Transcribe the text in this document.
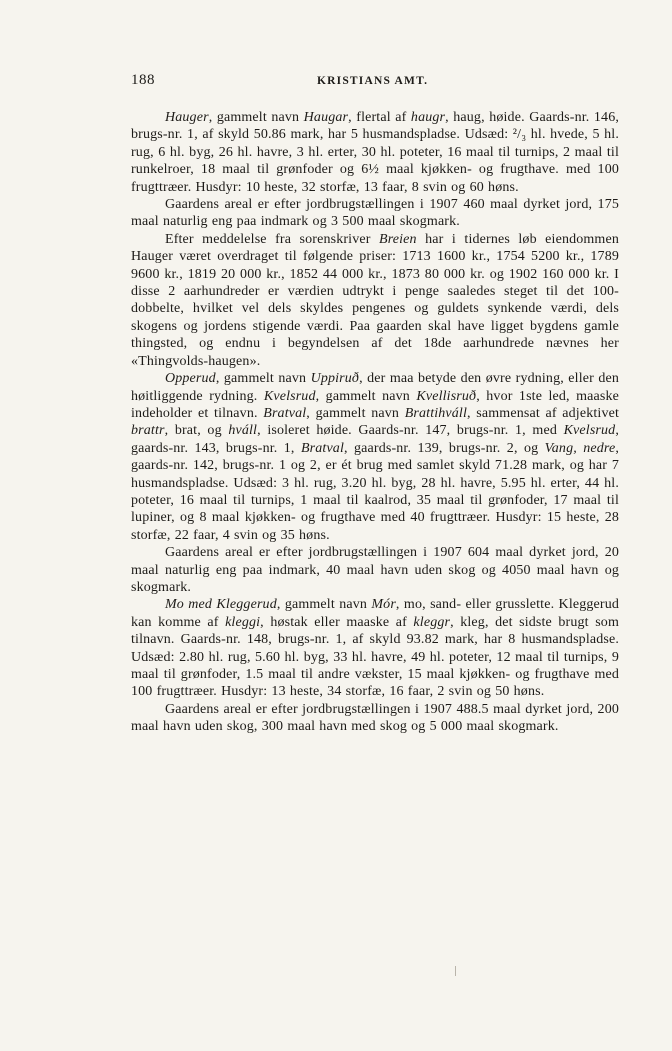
188	KRISTIANS AMT.

Hauger, gammelt navn Haugar, flertal af haugr, haug, høide. Gaards-nr. 146, brugs-nr. 1, af skyld 50.86 mark, har 5 husmandspladse. Udsæd: ²/₃ hl. hvede, 5 hl. rug, 6 hl. byg, 26 hl. havre, 3 hl. erter, 30 hl. poteter, 16 maal til turnips, 2 maal til runkelroer, 18 maal til grønfoder og 6½ maal kjøkken- og frugthave. med 100 frugttræer. Husdyr: 10 heste, 32 storfæ, 13 faar, 8 svin og 60 høns.

Gaardens areal er efter jordbrugstællingen i 1907 460 maal dyrket jord, 175 maal naturlig eng paa indmark og 3 500 maal skogmark.

Efter meddelelse fra sorenskriver Breien har i tidernes løb eiendommen Hauger været overdraget til følgende priser: 1713 1600 kr., 1754 5200 kr., 1789 9600 kr., 1819 20 000 kr., 1852 44 000 kr., 1873 80 000 kr. og 1902 160 000 kr. I disse 2 aarhundreder er værdien udtrykt i penge saaledes steget til det 100-dobbelte, hvilket vel dels skyldes pengenes og guldets synkende værdi, dels skogens og jordens stigende værdi. Paa gaarden skal have ligget bygdens gamle thingsted, og endnu i begyndelsen af det 18de aarhundrede nævnes her «Thingvolds-haugen».

Opperud, gammelt navn Uppiruð, der maa betyde den øvre rydning, eller den høitliggende rydning. Kvelsrud, gammelt navn Kvellisruð, hvor 1ste led, maaske indeholder et tilnavn. Bratval, gammelt navn Brattihváll, sammensat af adjektivet brattr, brat, og hváll, isoleret høide. Gaards-nr. 147, brugs-nr. 1, med Kvelsrud, gaards-nr. 143, brugs-nr. 1, Bratval, gaards-nr. 139, brugs-nr. 2, og Vang, nedre, gaards-nr. 142, brugs-nr. 1 og 2, er ét brug med samlet skyld 71.28 mark, og har 7 husmandspladse. Udsæd: 3 hl. rug, 3.20 hl. byg, 28 hl. havre, 5.95 hl. erter, 44 hl. poteter, 16 maal til turnips, 1 maal til kaalrod, 35 maal til grønfoder, 17 maal til lupiner, og 8 maal kjøkken- og frugthave med 40 frugttræer. Husdyr: 15 heste, 28 storfæ, 22 faar, 4 svin og 35 høns.

Gaardens areal er efter jordbrugstællingen i 1907 604 maal dyrket jord, 20 maal naturlig eng paa indmark, 40 maal havn uden skog og 4050 maal havn og skogmark.

Mo med Kleggerud, gammelt navn Mór, mo, sand- eller grusslette. Kleggerud kan komme af kleggi, høstak eller maaske af kleggr, kleg, det sidste brugt som tilnavn. Gaards-nr. 148, brugs-nr. 1, af skyld 93.82 mark, har 8 husmandspladse. Udsæd: 2.80 hl. rug, 5.60 hl. byg, 33 hl. havre, 49 hl. poteter, 12 maal til turnips, 9 maal til grønfoder, 1.5 maal til andre vækster, 15 maal kjøkken- og frugthave med 100 frugttræer. Husdyr: 13 heste, 34 storfæ, 16 faar, 2 svin og 50 høns.

Gaardens areal er efter jordbrugstællingen i 1907 488.5 maal dyrket jord, 200 maal havn uden skog, 300 maal havn med skog og 5 000 maal skogmark.
